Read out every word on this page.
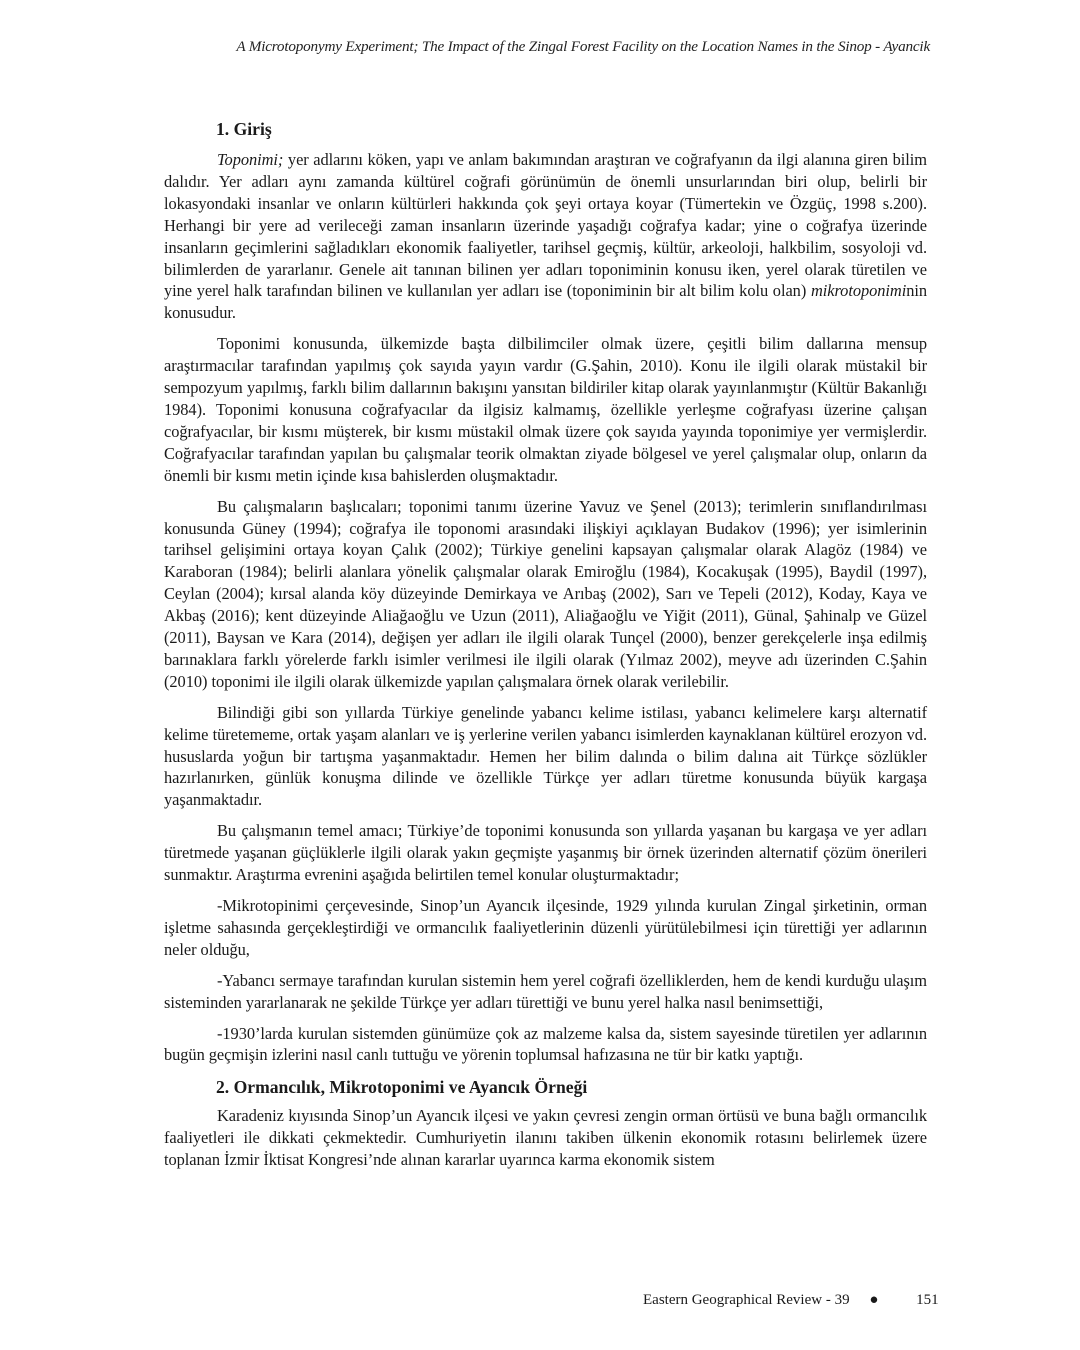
A Microtoponymy Experiment; The Impact of the Zingal Forest Facility on the Location Names in the Sinop - Ayancik
1. Giriş

Toponimi; yer adlarını köken, yapı ve anlam bakımından araştıran ve coğrafyanın da ilgi alanına giren bilim dalıdır. Yer adları aynı zamanda kültürel coğrafi görünümün de önemli unsurlarından biri olup, belirli bir lokasyondaki insanlar ve onların kültürleri hakkında çok şeyi ortaya koyar (Tümertekin ve Özgüç, 1998 s.200). Herhangi bir yere ad verileceği zaman insanların üzerinde yaşadığı coğrafya kadar; yine o coğrafya üzerinde insanların geçimlerini sağladıkları ekonomik faaliyetler, tarihsel geçmiş, kültür, arkeoloji, halkbilim, sosyoloji vd. bilimlerden de yararlanır. Genele ait tanınan bilinen yer adları toponiminin konusu iken, yerel olarak türetilen ve yine yerel halk tarafından bilinen ve kullanılan yer adları ise (toponiminin bir alt bilim kolu olan) mikrotoponiminin konusudur.

Toponimi konusunda, ülkemizde başta dilbilimciler olmak üzere, çeşitli bilim dallarına mensup araştırmacılar tarafından yapılmış çok sayıda yayın vardır (G.Şahin, 2010). Konu ile ilgili olarak müstakil bir sempozyum yapılmış, farklı bilim dallarının bakışını yansıtan bildiriler kitap olarak yayınlanmıştır (Kültür Bakanlığı 1984). Toponimi konusuna coğrafyacılar da ilgisiz kalmamış, özellikle yerleşme coğrafyası üzerine çalışan coğrafyacılar, bir kısmı müşterek, bir kısmı müstakil olmak üzere çok sayıda yayında toponimiye yer vermişlerdir. Coğrafyacılar tarafından yapılan bu çalışmalar teorik olmaktan ziyade bölgesel ve yerel çalışmalar olup, onların da önemli bir kısmı metin içinde kısa bahislerden oluşmaktadır.

Bu çalışmaların başlıcaları; toponimi tanımı üzerine Yavuz ve Şenel (2013); terimlerin sınıflandırılması konusunda Güney (1994); coğrafya ile toponomi arasındaki ilişkiyi açıklayan Budakov (1996); yer isimlerinin tarihsel gelişimini ortaya koyan Çalık (2002); Türkiye genelini kapsayan çalışmalar olarak Alagöz (1984) ve Karaboran (1984); belirli alanlara yönelik çalışmalar olarak Emiroğlu (1984), Kocakuşak (1995), Baydil (1997), Ceylan (2004); kırsal alanda köy düzeyinde Demirkaya ve Arıbaş (2002), Sarı ve Tepeli (2012), Koday, Kaya ve Akbaş (2016); kent düzeyinde Aliağaoğlu ve Uzun (2011), Aliağaoğlu ve Yiğit (2011), Günal, Şahinalp ve Güzel (2011), Baysan ve Kara (2014), değişen yer adları ile ilgili olarak Tunçel (2000), benzer gerekçelerle inşa edilmiş barınaklara farklı yörelerde farklı isimler verilmesi ile ilgili olarak (Yılmaz 2002), meyve adı üzerinden C.Şahin (2010) toponimi ile ilgili olarak ülkemizde yapılan çalışmalara örnek olarak verilebilir.

Bilindiği gibi son yıllarda Türkiye genelinde yabancı kelime istilası, yabancı kelimelere karşı alternatif kelime türetememe, ortak yaşam alanları ve iş yerlerine verilen yabancı isimlerden kaynaklanan kültürel erozyon vd. hususlarda yoğun bir tartışma yaşanmaktadır. Hemen her bilim dalında o bilim dalına ait Türkçe sözlükler hazırlanırken, günlük konuşma dilinde ve özellikle Türkçe yer adları türetme konusunda büyük kargaşa yaşanmaktadır.

Bu çalışmanın temel amacı; Türkiye’de toponimi konusunda son yıllarda yaşanan bu kargaşa ve yer adları türetmede yaşanan güçlüklerle ilgili olarak yakın geçmişte yaşanmış bir örnek üzerinden alternatif çözüm önerileri sunmaktır. Araştırma evrenini aşağıda belirtilen temel konular oluşturmaktadır;

-Mikrotopinimi çerçevesinde, Sinop’un Ayancık ilçesinde, 1929 yılında kurulan Zingal şirketinin, orman işletme sahasında gerçekleştirdiği ve ormancılık faaliyetlerinin düzenli yürütülebilmesi için türettiği yer adlarının neler olduğu,

-Yabancı sermaye tarafından kurulan sistemin hem yerel coğrafi özelliklerden, hem de kendi kurduğu ulaşım sisteminden yararlanarak ne şekilde Türkçe yer adları türettiği ve bunu yerel halka nasıl benimsettiği,

-1930’larda kurulan sistemden günümüze çok az malzeme kalsa da, sistem sayesinde türetilen yer adlarının bugün geçmişin izlerini nasıl canlı tuttuğu ve yörenin toplumsal hafızasına ne tür bir katkı yaptığı.

2. Ormancılık, Mikrotoponimi ve Ayancık Örneği

Karadeniz kıyısında Sinop’un Ayancık ilçesi ve yakın çevresi zengin orman örtüsü ve buna bağlı ormancılık faaliyetleri ile dikkati çekmektedir. Cumhuriyetin ilanını takiben ülkenin ekonomik rotasını belirlemek üzere toplanan İzmir İktisat Kongresi’nde alınan kararlar uyarınca karma ekonomik sistem

Eastern Geographical Review - 39 ●	151
